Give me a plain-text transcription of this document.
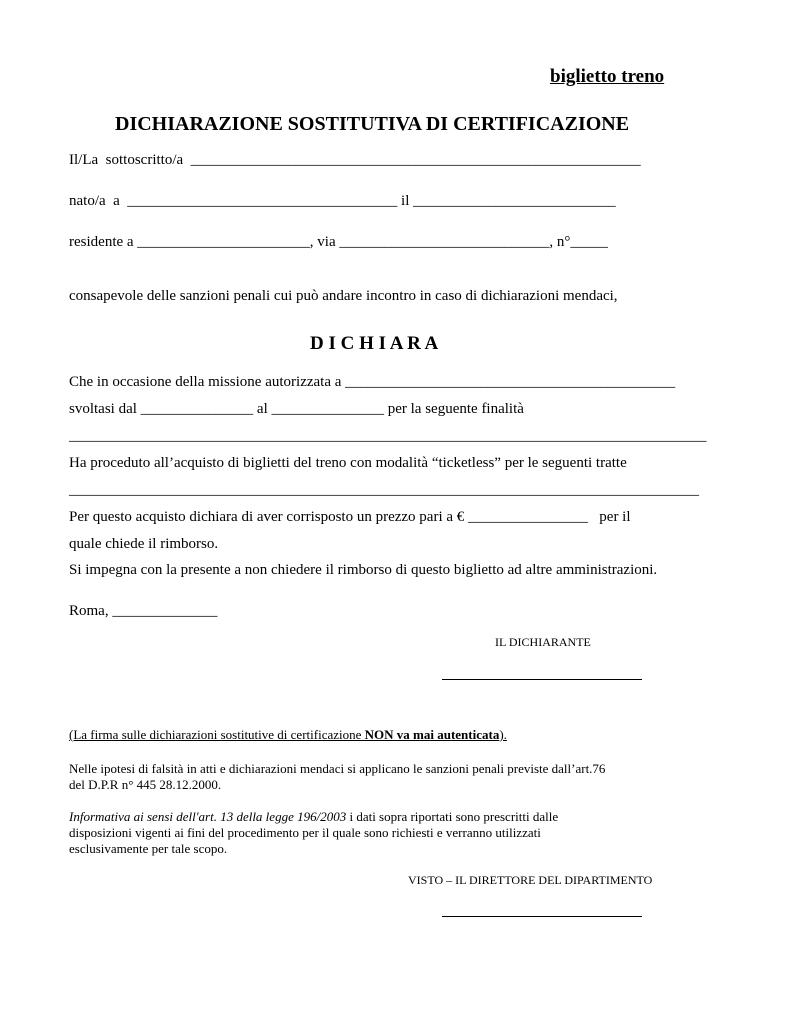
biglietto treno
DICHIARAZIONE SOSTITUTIVA DI CERTIFICAZIONE
Il/La  sottoscritto/a  ____________________________________________________________
nato/a  a  ____________________________________ il ___________________________
residente a _______________________, via ____________________________, n°_____
consapevole delle sanzioni penali cui può andare incontro in caso di dichiarazioni mendaci,
D I C H I A R A
Che in occasione della missione autorizzata a ____________________________________________
svoltasi dal _______________ al _______________ per la seguente finalità
_____________________________________________________________________________________
Ha proceduto all’acquisto di biglietti del treno con modalità “ticketless” per le seguenti tratte
____________________________________________________________________________________
Per questo acquisto dichiara di aver corrisposto un prezzo pari a € ________________   per il
quale chiede il rimborso.
Si impegna con la presente a non chiedere il rimborso di questo biglietto ad altre amministrazioni.
Roma, ______________
IL DICHIARANTE
(La firma sulle dichiarazioni sostitutive di certificazione NON va mai autenticata).
Nelle ipotesi di falsità in atti e dichiarazioni mendaci si applicano le sanzioni penali previste dall’art.76
del D.P.R n° 445 28.12.2000.
Informativa ai sensi dell'art. 13 della legge 196/2003 i dati sopra riportati sono prescritti dalle
disposizioni vigenti ai fini del procedimento per il quale sono richiesti e verranno utilizzati
esclusivamente per tale scopo.
VISTO – IL DIRETTORE DEL DIPARTIMENTO
